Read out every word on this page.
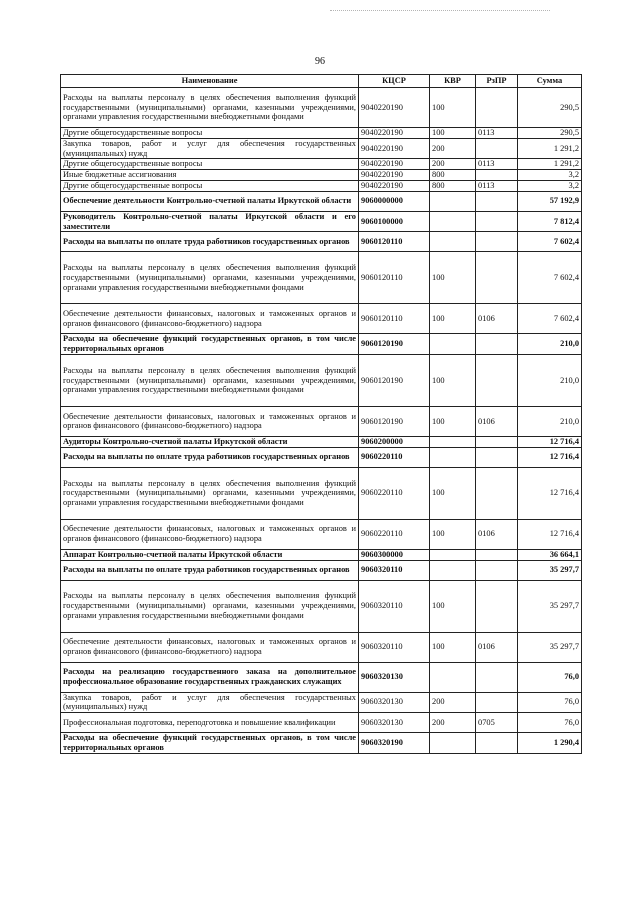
96
Наименование	КЦСР	КВР	РзПР	Сумма
Расходы на выплаты персоналу в целях обеспечения выполнения функций государственными (муниципальными) органами, казенными учреждениями, органами управления государственными внебюджетными фондами	9040220190	100		290,5
Другие общегосударственные вопросы	9040220190	100	0113	290,5
Закупка товаров, работ и услуг для обеспечения государственных (муниципальных) нужд	9040220190	200		1 291,2
Другие общегосударственные вопросы	9040220190	200	0113	1 291,2
Иные бюджетные ассигнования	9040220190	800		3,2
Другие общегосударственные вопросы	9040220190	800	0113	3,2
Обеспечение деятельности Контрольно-счетной палаты Иркутской области	9060000000			57 192,9
Руководитель Контрольно-счетной палаты Иркутской области и его заместители	9060100000			7 812,4
Расходы на выплаты по оплате труда работников государственных органов	9060120110			7 602,4
Расходы на выплаты персоналу в целях обеспечения выполнения функций государственными (муниципальными) органами, казенными учреждениями, органами управления государственными внебюджетными фондами	9060120110	100		7 602,4
Обеспечение деятельности финансовых, налоговых и таможенных органов и органов финансового (финансово-бюджетного) надзора	9060120110	100	0106	7 602,4
Расходы на обеспечение функций государственных органов, в том числе территориальных органов	9060120190			210,0
Расходы на выплаты персоналу в целях обеспечения выполнения функций государственными (муниципальными) органами, казенными учреждениями, органами управления государственными внебюджетными фондами	9060120190	100		210,0
Обеспечение деятельности финансовых, налоговых и таможенных органов и органов финансового (финансово-бюджетного) надзора	9060120190	100	0106	210,0
Аудиторы Контрольно-счетной палаты Иркутской области	9060200000			12 716,4
Расходы на выплаты по оплате труда работников государственных органов	9060220110			12 716,4
Расходы на выплаты персоналу в целях обеспечения выполнения функций государственными (муниципальными) органами, казенными учреждениями, органами управления государственными внебюджетными фондами	9060220110	100		12 716,4
Обеспечение деятельности финансовых, налоговых и таможенных органов и органов финансового (финансово-бюджетного) надзора	9060220110	100	0106	12 716,4
Аппарат Контрольно-счетной палаты Иркутской области	9060300000			36 664,1
Расходы на выплаты по оплате труда работников государственных органов	9060320110			35 297,7
Расходы на выплаты персоналу в целях обеспечения выполнения функций государственными (муниципальными) органами, казенными учреждениями, органами управления государственными внебюджетными фондами	9060320110	100		35 297,7
Обеспечение деятельности финансовых, налоговых и таможенных органов и органов финансового (финансово-бюджетного) надзора	9060320110	100	0106	35 297,7
Расходы на реализацию государственного заказа на дополнительное профессиональное образование государственных гражданских служащих	9060320130			76,0
Закупка товаров, работ и услуг для обеспечения государственных (муниципальных) нужд	9060320130	200		76,0
Профессиональная подготовка, переподготовка и повышение квалификации	9060320130	200	0705	76,0
Расходы на обеспечение функций государственных органов, в том числе территориальных органов	9060320190			1 290,4
